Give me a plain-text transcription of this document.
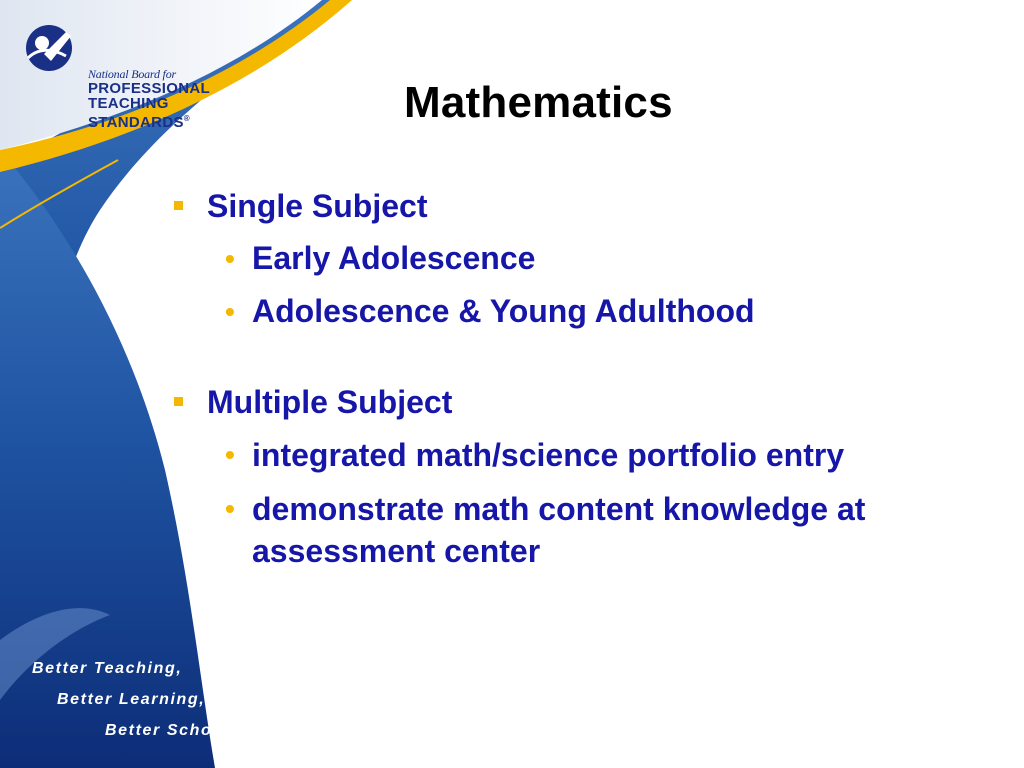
National Board for
PROFESSIONAL
TEACHING
STANDARDS®	Mathematics
Single Subject
• Early Adolescence
• Adolescence & Young Adulthood
Multiple Subject
• integrated math/science portfolio entry
• demonstrate math content knowledge at assessment center
Better Teaching,
Better Learning,
Better Schools
